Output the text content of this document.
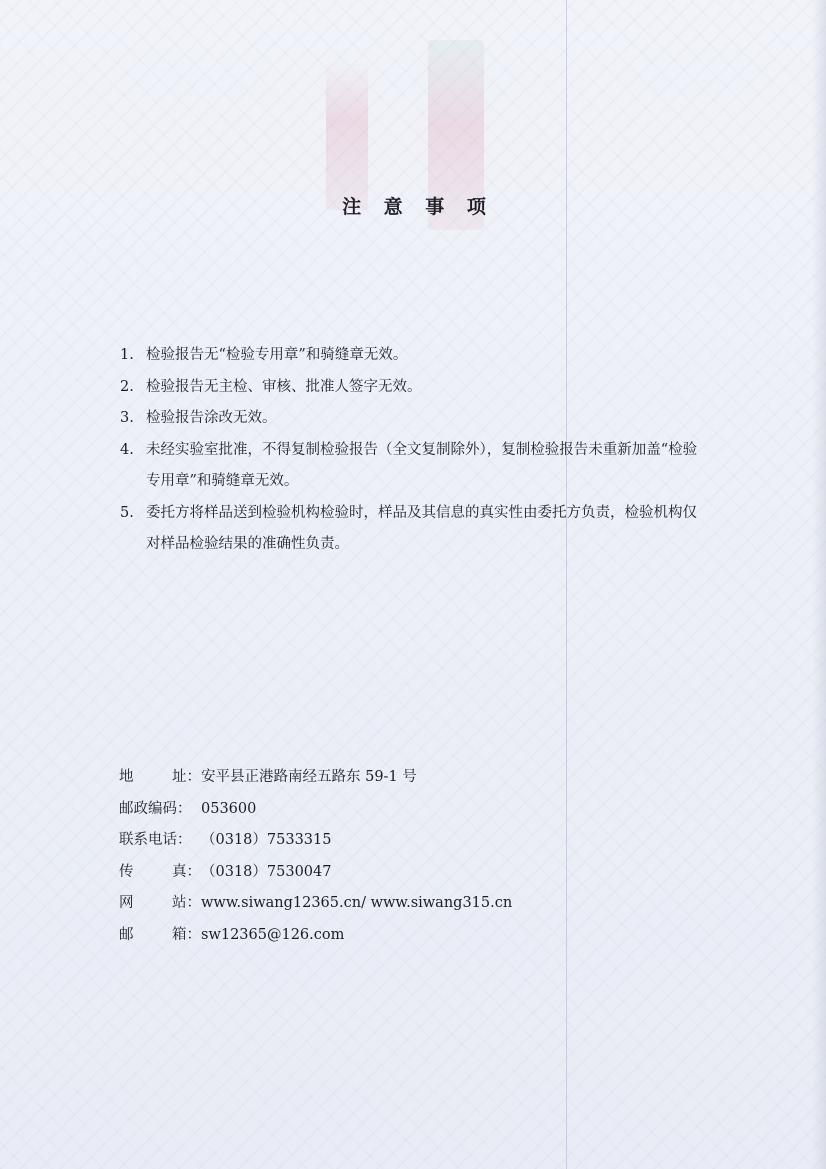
注 意 事 项
1. 检验报告无“检验专用章”和骑缝章无效。
2. 检验报告无主检、审核、批准人签字无效。
3. 检验报告涂改无效。
4. 未经实验室批准，不得复制检验报告（全文复制除外），复制检验报告未重新加盖“检验专用章”和骑缝章无效。
5. 委托方将样品送到检验机构检验时，样品及其信息的真实性由委托方负责，检验机构仅对样品检验结果的准确性负责。
地	址： 安平县正港路南经五路东 59-1 号
邮政编码： 053600
联系电话： （0318）7533315
传	真： （0318）7530047
网	站： www.siwang12365.cn/ www.siwang315.cn
邮	箱： sw12365@126.com
